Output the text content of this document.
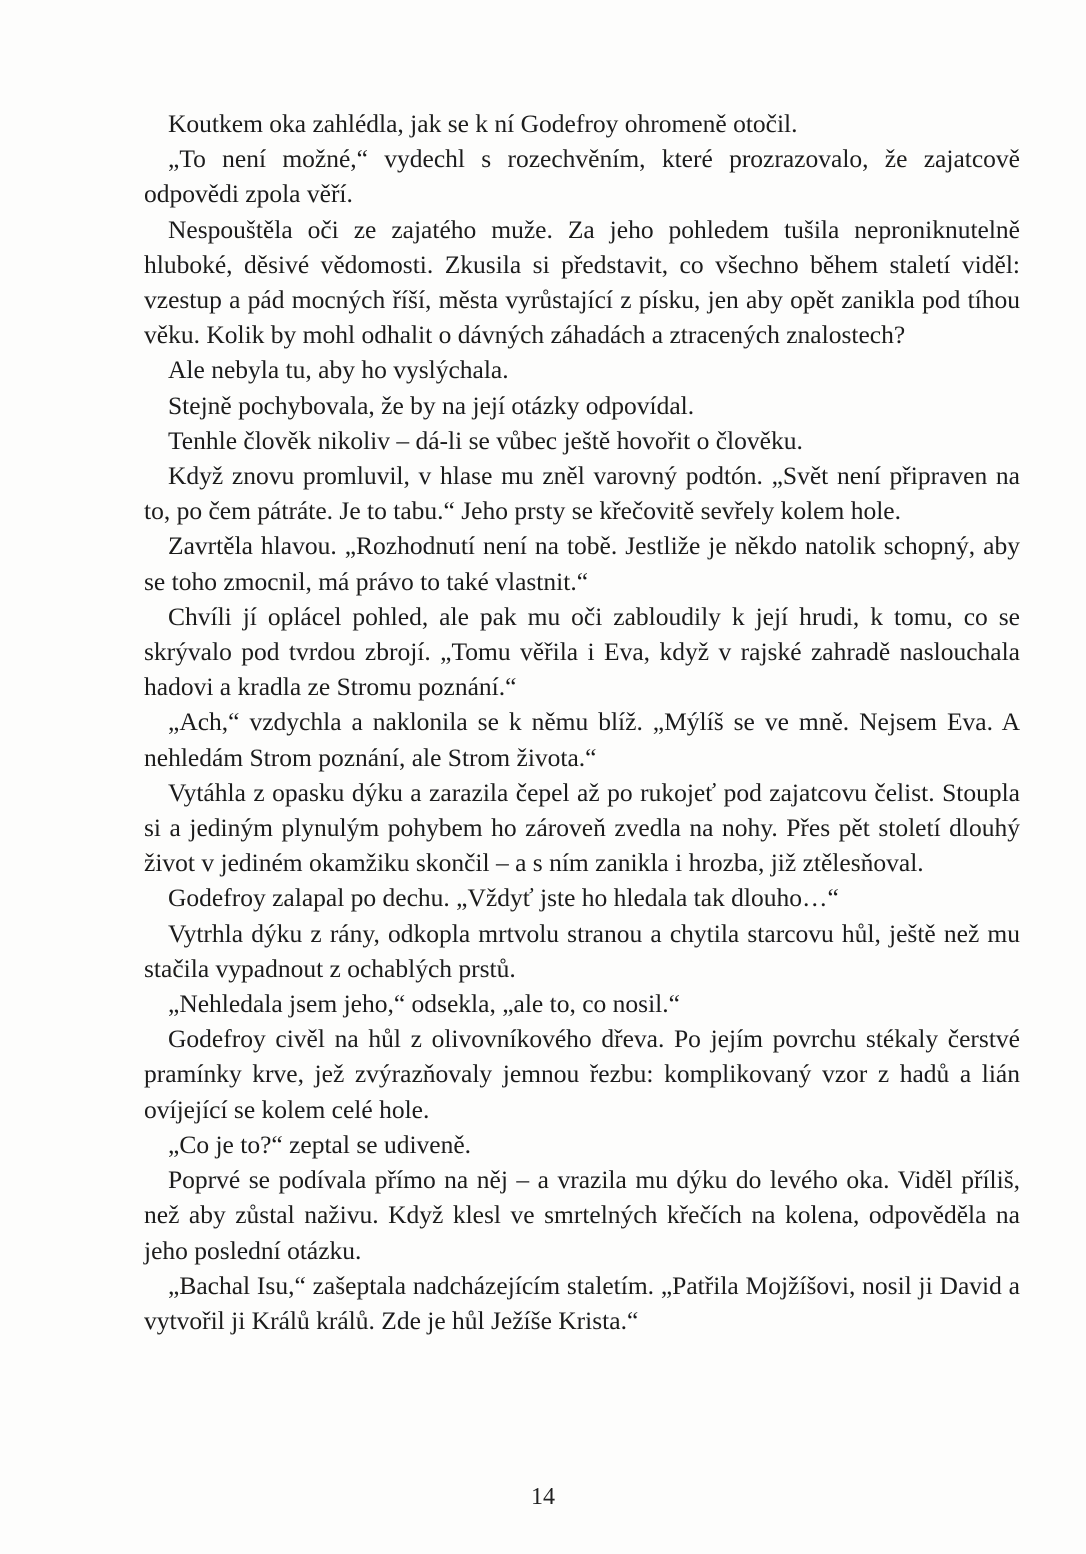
Koutkem oka zahlédla, jak se k ní Godefroy ohromeně otočil.

„To není možné,“ vydechl s rozechvěním, které prozrazovalo, že zajatcově odpovědi zpola věří.

Nespouštěla oči ze zajatého muže. Za jeho pohledem tušila neproniknutelně hluboké, děsivé vědomosti. Zkusila si představit, co všechno během staletí viděl: vzestup a pád mocných říší, města vyrůstající z písku, jen aby opět zanikla pod tíhou věku. Kolik by mohl odhalit o dávných záhadách a ztracených znalostech?

Ale nebyla tu, aby ho vyslýchala.

Stejně pochybovala, že by na její otázky odpovídal.

Tenhle člověk nikoliv – dá-li se vůbec ještě hovořit o člověku.

Když znovu promluvil, v hlase mu zněl varovný podtón. „Svět není připraven na to, po čem pátráte. Je to tabu.“ Jeho prsty se křečovitě sevřely kolem hole.

Zavrtěla hlavou. „Rozhodnutí není na tobě. Jestliže je někdo natolik schopný, aby se toho zmocnil, má právo to také vlastnit.“

Chvíli jí oplácel pohled, ale pak mu oči zabloudily k její hrudi, k tomu, co se skrývalo pod tvrdou zbrojí. „Tomu věřila i Eva, když v rajské zahradě naslouchala hadovi a kradla ze Stromu poznání.“

„Ach,“ vzdychla a naklonila se k němu blíž. „Mýlíš se ve mně. Nejsem Eva. A nehledám Strom poznání, ale Strom života.“

Vytáhla z opasku dýku a zarazila čepel až po rukojeť pod zajatcovu čelist. Stoupla si a jediným plynulým pohybem ho zároveň zvedla na nohy. Přes pět století dlouhý život v jediném okamžiku skončil – a s ním zanikla i hrozba, již ztělesňoval.

Godefroy zalapal po dechu. „Vždyť jste ho hledala tak dlouho…“

Vytrhla dýku z rány, odkopla mrtvolu stranou a chytila starcovu hůl, ještě než mu stačila vypadnout z ochablých prstů.

„Nehledala jsem jeho,“ odsekla, „ale to, co nosil.“

Godefroy civěl na hůl z olivovníkového dřeva. Po jejím povrchu stékaly čerstvé pramínky krve, jež zvýrazňovaly jemnou řezbu: komplikovaný vzor z hadů a lián ovíjející se kolem celé hole.

„Co je to?“ zeptal se udiveně.

Poprvé se podívala přímo na něj – a vrazila mu dýku do levého oka. Viděl příliš, než aby zůstal naživu. Když klesl ve smrtelných křečích na kolena, odpověděla na jeho poslední otázku.

„Bachal Isu,“ zašeptala nadcházejícím staletím. „Patřila Mojžíšovi, nosil ji David a vytvořil ji Králů králů. Zde je hůl Ježíše Krista.“

14
